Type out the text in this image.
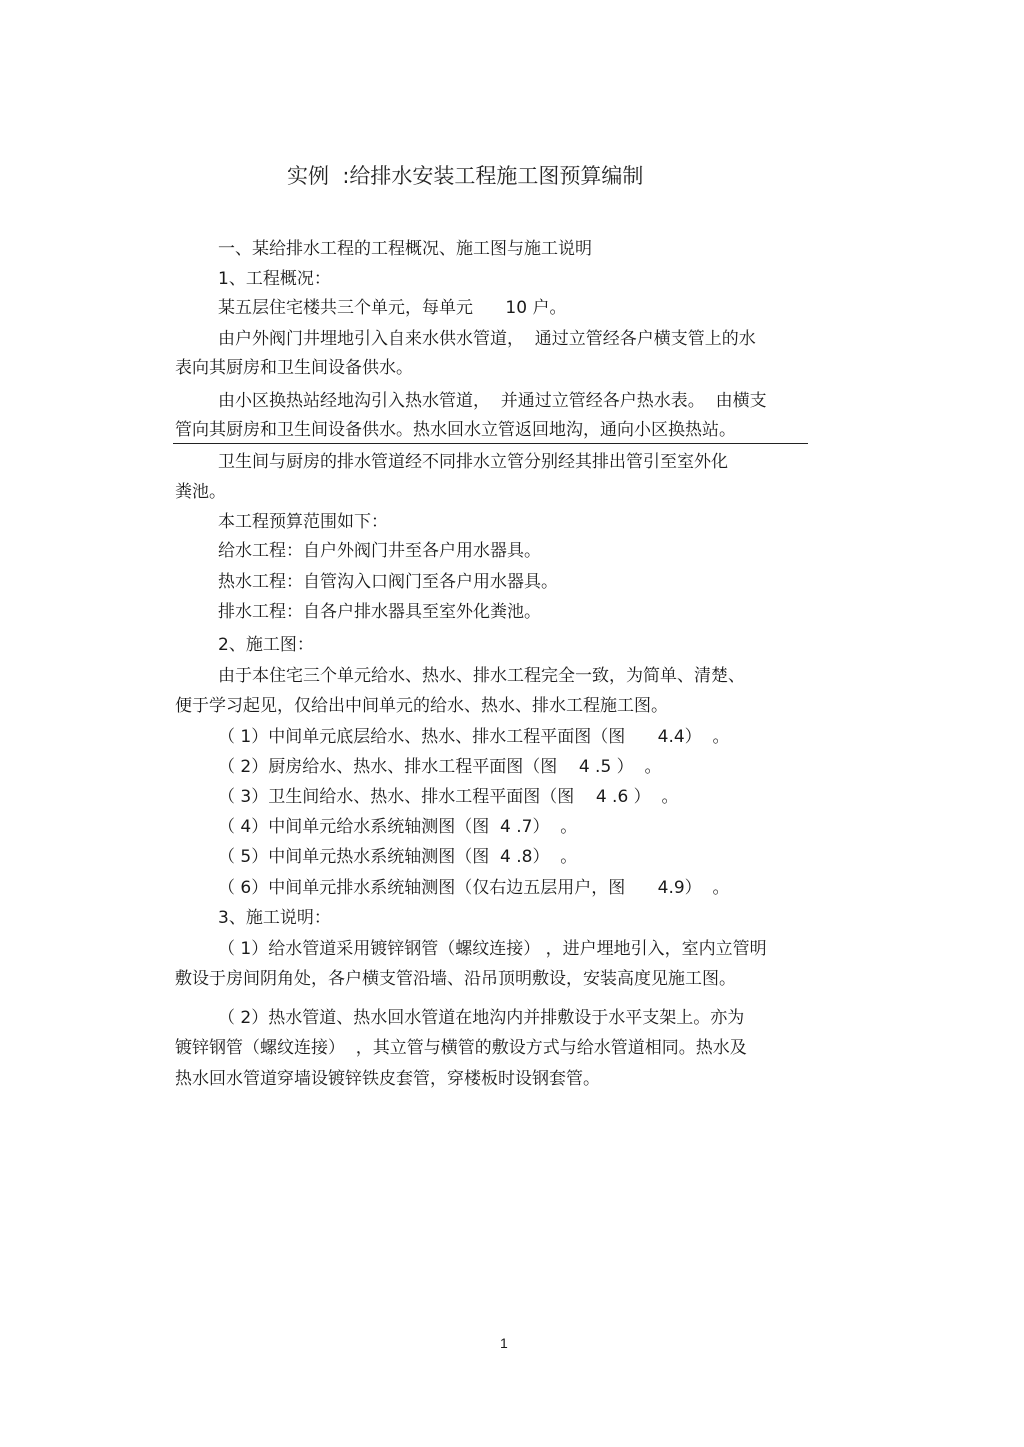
实例  :给排水安装工程施工图预算编制
一、某给排水工程的工程概况、施工图与施工说明
1、工程概况：
某五层住宅楼共三个单元，每单元      10 户。
由户外阀门井埋地引入自来水供水管道，  通过立管经各户横支管上的水
表向其厨房和卫生间设备供水。
由小区换热站经地沟引入热水管道，  并通过立管经各户热水表。  由横支
管向其厨房和卫生间设备供水。热水回水立管返回地沟，通向小区换热站。
卫生间与厨房的排水管道经不同排水立管分别经其排出管引至室外化
粪池。
本工程预算范围如下：
给水工程：自户外阀门井至各户用水器具。
热水工程：自管沟入口阀门至各户用水器具。
排水工程：自各户排水器具至室外化粪池。
2、施工图：
由于本住宅三个单元给水、热水、排水工程完全一致，为简单、清楚、
便于学习起见，仅给出中间单元的给水、热水、排水工程施工图。
（ 1）中间单元底层给水、热水、排水工程平面图（图      4.4）  。
（ 2）厨房给水、热水、排水工程平面图（图    4 .5 ）  。
（ 3）卫生间给水、热水、排水工程平面图（图    4 .6 ）  。
（ 4）中间单元给水系统轴测图（图  4 .7）  。
（ 5）中间单元热水系统轴测图（图  4 .8）  。
（ 6）中间单元排水系统轴测图（仅右边五层用户，图      4.9）  。
3、施工说明：
（ 1）给水管道采用镀锌钢管（螺纹连接） ，进户埋地引入，室内立管明
敷设于房间阴角处，各户横支管沿墙、沿吊顶明敷设，安装高度见施工图。
（ 2）热水管道、热水回水管道在地沟内并排敷设于水平支架上。亦为
镀锌钢管（螺纹连接）  ，其立管与横管的敷设方式与给水管道相同。热水及
热水回水管道穿墙设镀锌铁皮套管，穿楼板时设钢套管。
1
